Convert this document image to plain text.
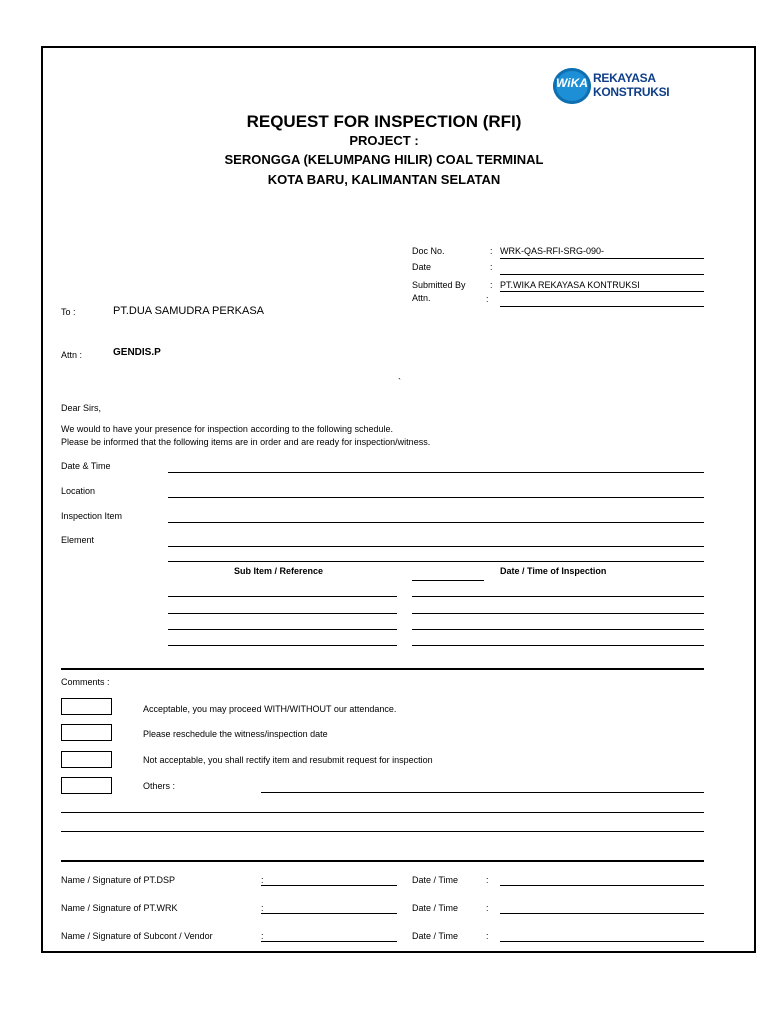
WiKA REKAYASA
KONSTRUKSI
REQUEST FOR INSPECTION (RFI)
PROJECT :
SERONGGA (KELUMPANG HILIR) COAL TERMINAL
KOTA BARU, KALIMANTAN SELATAN
Doc No.	: WRK-QAS-RFI-SRG-090-
Date	:
Submitted By	: PT.WIKA REKAYASA KONTRUKSI
Attn.	:
To :	PT.DUA SAMUDRA PERKASA
Attn :	GENDIS.P
`
Dear Sirs,
We would to have your presence for inspection according to the following schedule.
Please be informed that the following items are in order and are ready for inspection/witness.
Date & Time
Location
Inspection Item
Element
Sub Item / Reference	Date / Time of Inspection
Comments :
Acceptable, you may proceed WITH/WITHOUT our attendance.
Please reschedule the witness/inspection date
Not acceptable, you shall rectify item and resubmit request for inspection
Others :
Name / Signature of PT.DSP	:	Date / Time	:
Name / Signature of PT.WRK	:	Date / Time	:
Name / Signature of Subcont / Vendor	:	Date / Time	:
